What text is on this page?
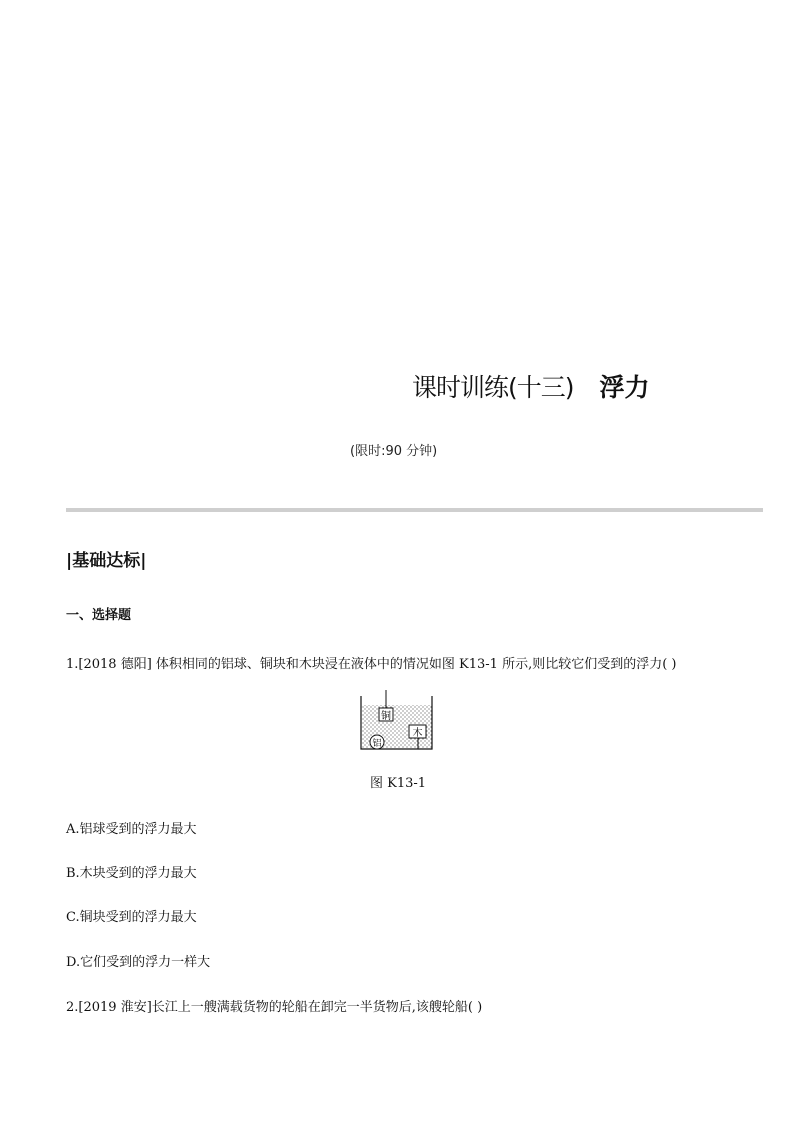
课时训练(十三) 浮力
(限时:90 分钟)
|基础达标|
一、选择题
1.[2018 德阳] 体积相同的铝球、铜块和木块浸在液体中的情况如图 K13-1 所示,则比较它们受到的浮力( )
铜
木
铝
图 K13-1
A.铝球受到的浮力最大
B.木块受到的浮力最大
C.铜块受到的浮力最大
D.它们受到的浮力一样大
2.[2019 淮安]长江上一艘满载货物的轮船在卸完一半货物后,该艘轮船( )
